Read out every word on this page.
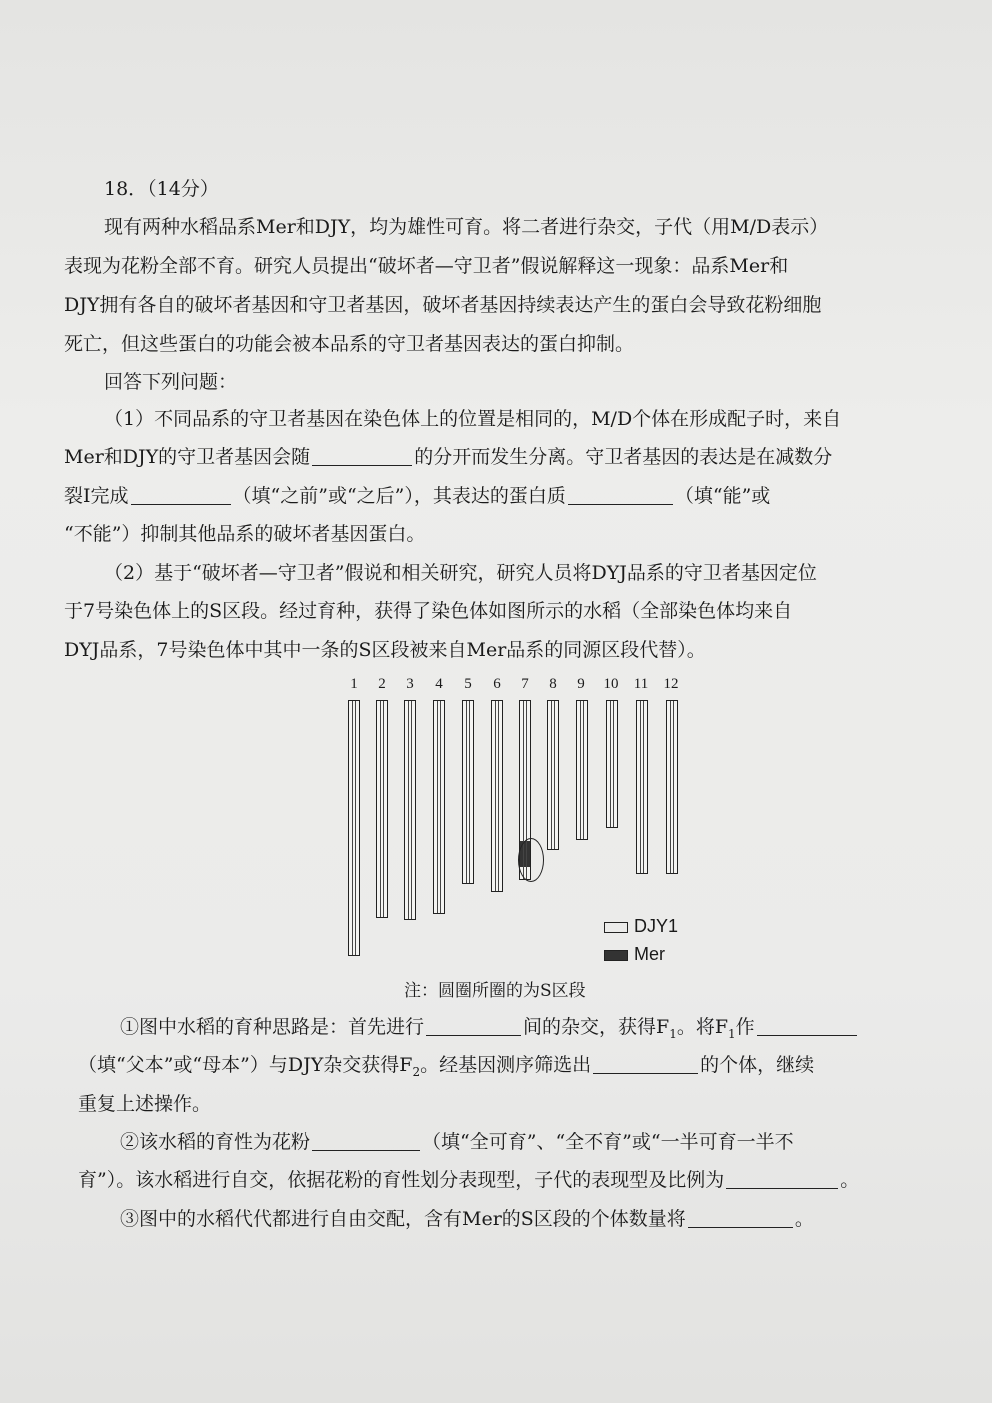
18．（14分）
现有两种水稻品系Mer和DJY，均为雄性可育。将二者进行杂交，子代（用M/D表示）
表现为花粉全部不育。研究人员提出“破坏者—守卫者”假说解释这一现象：品系Mer和
DJY拥有各自的破坏者基因和守卫者基因，破坏者基因持续表达产生的蛋白会导致花粉细胞
死亡，但这些蛋白的功能会被本品系的守卫者基因表达的蛋白抑制。
回答下列问题：
（1）不同品系的守卫者基因在染色体上的位置是相同的，M/D个体在形成配子时，来自
Mer和DJY的守卫者基因会随	的分开而发生分离。守卫者基因的表达是在减数分
裂I完成	（填“之前”或“之后”），其表达的蛋白质	（填“能”或
“不能”）抑制其他品系的破坏者基因蛋白。
（2）基于“破坏者—守卫者”假说和相关研究，研究人员将DYJ品系的守卫者基因定位
于7号染色体上的S区段。经过育种，获得了染色体如图所示的水稻（全部染色体均来自
DYJ品系，7号染色体中其中一条的S区段被来自Mer品系的同源区段代替）。
1	2	3	4	5	6	7	8	9	10 11 12
DJY1
Mer
注：圆圈所圈的为S区段
①图中水稻的育种思路是：首先进行	间的杂交，获得$F_1$。将$F_1$作
（填“父本”或“母本”）与DJY杂交获得$F_2$。经基因测序筛选出	的个体，继续
重复上述操作。
②该水稻的育性为花粉	（填“全可育”、“全不育”或“一半可育一半不
育”）。该水稻进行自交，依据花粉的育性划分表现型，子代的表现型及比例为	。
③图中的水稻代代都进行自由交配，含有Mer的S区段的个体数量将	。
